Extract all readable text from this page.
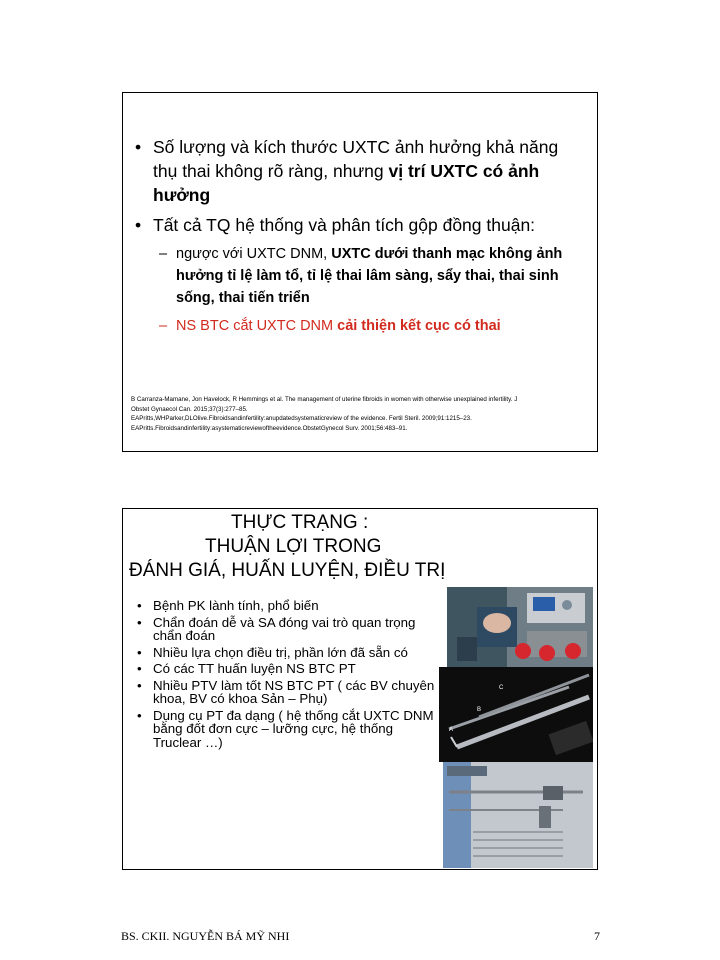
• Số lượng và kích thước UXTC ảnh hưởng khả năng thụ thai không rõ ràng, nhưng vị trí UXTC có ảnh hưởng
• Tất cả TQ hệ thống và phân tích gộp đồng thuận:
– ngược với UXTC DNM, UXTC dưới thanh mạc không ảnh hưởng tỉ lệ làm tổ, tỉ lệ thai lâm sàng, sẩy thai, thai sinh sống, thai tiến triển
– NS BTC cắt UXTC DNM cải thiện kết cục có thai
B Carranza-Mamane, Jon Havelock, R Hemmings et al. The management of uterine fibroids in women with otherwise unexplained infertility. J
Obstet Gynaecol Can. 2015;37(3):277–85.
EAPritts,WHParker,DLOlive.Fibroidsandinfertility:anupdatedsystematicreview of the evidence. Fertil Steril. 2009;91:1215–23.
EAPritts.Fibroidsandinfertility:asystematicreviewoftheevidence.ObstetGynecol Surv. 2001;56:483–91.
THỰC TRẠNG :
THUẬN LỢI TRONG
ĐÁNH GIÁ, HUẤN LUYỆN, ĐIỀU TRỊ
• Bệnh PK lành tính, phổ biến
• Chẩn đoán dễ và SA đóng vai trò quan trọng chẩn đoán
• Nhiều lựa chọn điều trị, phần lớn đã sẵn có
• Có các TT huấn luyện NS BTC PT
• Nhiều PTV làm tốt NS BTC PT ( các BV chuyên khoa, BV có khoa Sản – Phụ)
• Dụng cụ PT đa dạng ( hệ thống cắt UXTC DNM bằng đốt đơn cực – lưỡng cực, hệ thống Truclear …)
C
B
A
BS. CKII. NGUYỄN BÁ MỸ NHI	7
